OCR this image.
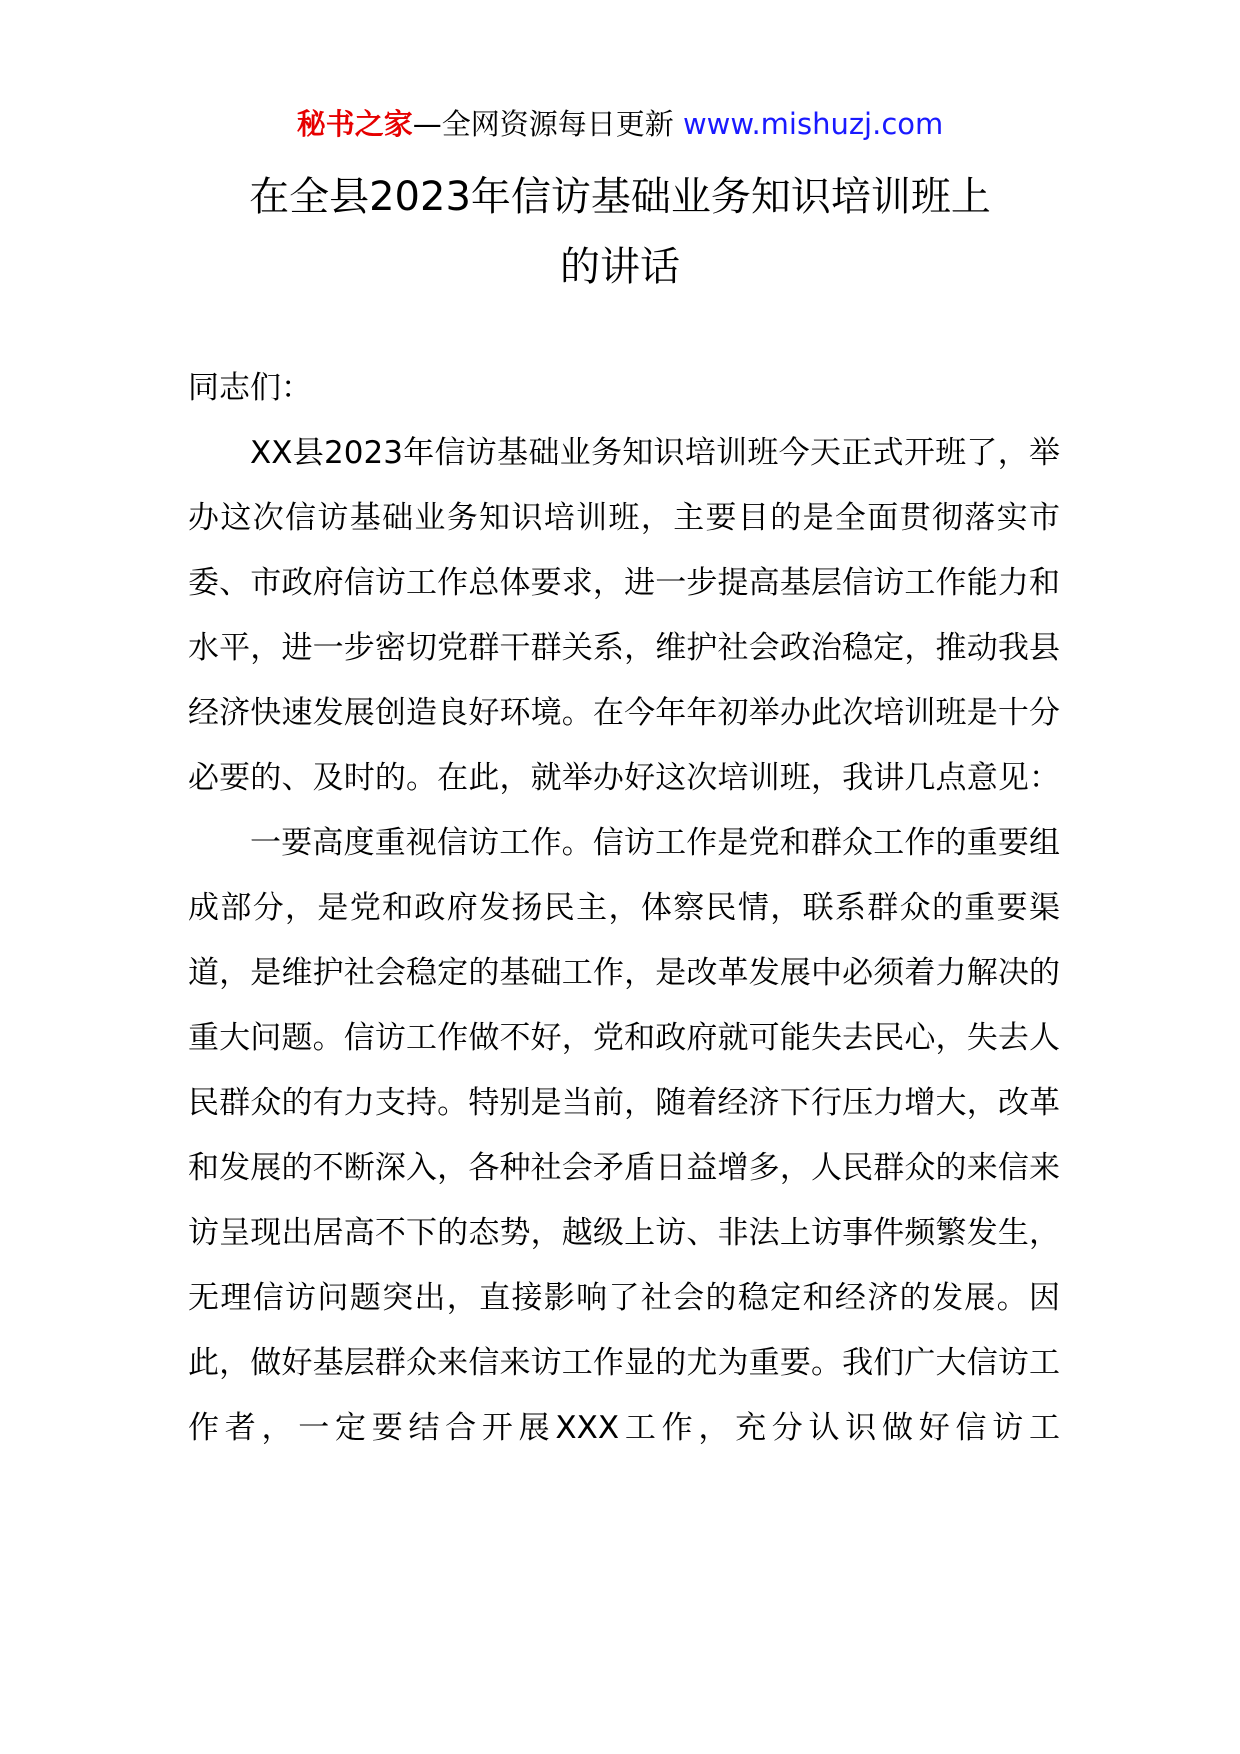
秘书之家—全网资源每日更新 www.mishuzj.com
在全县2023年信访基础业务知识培训班上
的讲话

同志们：

XX县2023年信访基础业务知识培训班今天正式开班了，举办这次信访基础业务知识培训班，主要目的是全面贯彻落实市委、市政府信访工作总体要求，进一步提高基层信访工作能力和水平，进一步密切党群干群关系，维护社会政治稳定，推动我县经济快速发展创造良好环境。在今年年初举办此次培训班是十分必要的、及时的。在此，就举办好这次培训班，我讲几点意见：

一要高度重视信访工作。信访工作是党和群众工作的重要组成部分，是党和政府发扬民主，体察民情，联系群众的重要渠道，是维护社会稳定的基础工作，是改革发展中必须着力解决的重大问题。信访工作做不好，党和政府就可能失去民心，失去人民群众的有力支持。特别是当前，随着经济下行压力增大，改革和发展的不断深入，各种社会矛盾日益增多，人民群众的来信来访呈现出居高不下的态势，越级上访、非法上访事件频繁发生，无理信访问题突出，直接影响了社会的稳定和经济的发展。因此，做好基层群众来信来访工作显的尤为重要。我们广大信访工作者，一定要结合开展XXX工作，充分认识做好信访工
